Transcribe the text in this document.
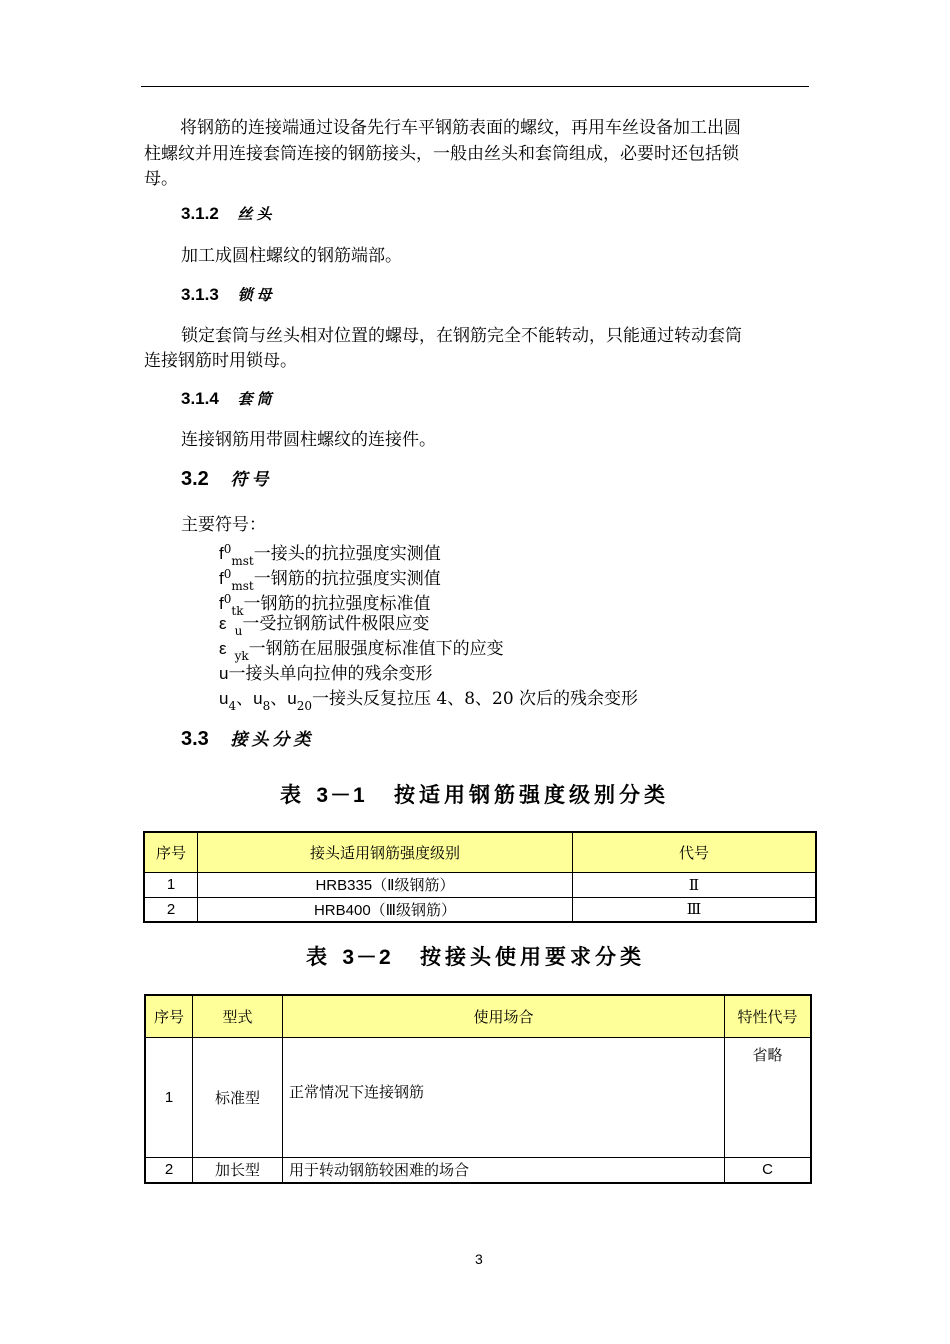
将钢筋的连接端通过设备先行车平钢筋表面的螺纹，再用车丝设备加工出圆
柱螺纹并用连接套筒连接的钢筋接头，一般由丝头和套筒组成，必要时还包括锁
母。
3.1.2 丝头
加工成圆柱螺纹的钢筋端部。
3.1.3 锁母
锁定套筒与丝头相对位置的螺母，在钢筋完全不能转动，只能通过转动套筒
连接钢筋时用锁母。
3.1.4 套筒
连接钢筋用带圆柱螺纹的连接件。
3.2 符号
主要符号：
$f^0_{mst}$一接头的抗拉强度实测值
$f^0_{mst}$一钢筋的抗拉强度实测值
$f^0_{tk}$一钢筋的抗拉强度标准值
ε $_u$一受拉钢筋试件极限应变
ε $_{yk}$一钢筋在屈服强度标准值下的应变
u一接头单向拉伸的残余变形
$u_4$、$u_8$、$u_{20}$一接头反复拉压 4、8、20 次后的残余变形
3.3 接头分类
表 3－1 按适用钢筋强度级别分类
序号	接头适用钢筋强度级别	代号
1	HRB335（Ⅱ级钢筋）	Ⅱ
2	HRB400（Ⅲ级钢筋）	Ⅲ
表 3－2 按接头使用要求分类
序号	型式	使用场合	特性代号
1	标准型	正常情况下连接钢筋	省略
2	加长型	用于转动钢筋较困难的场合	C
3
